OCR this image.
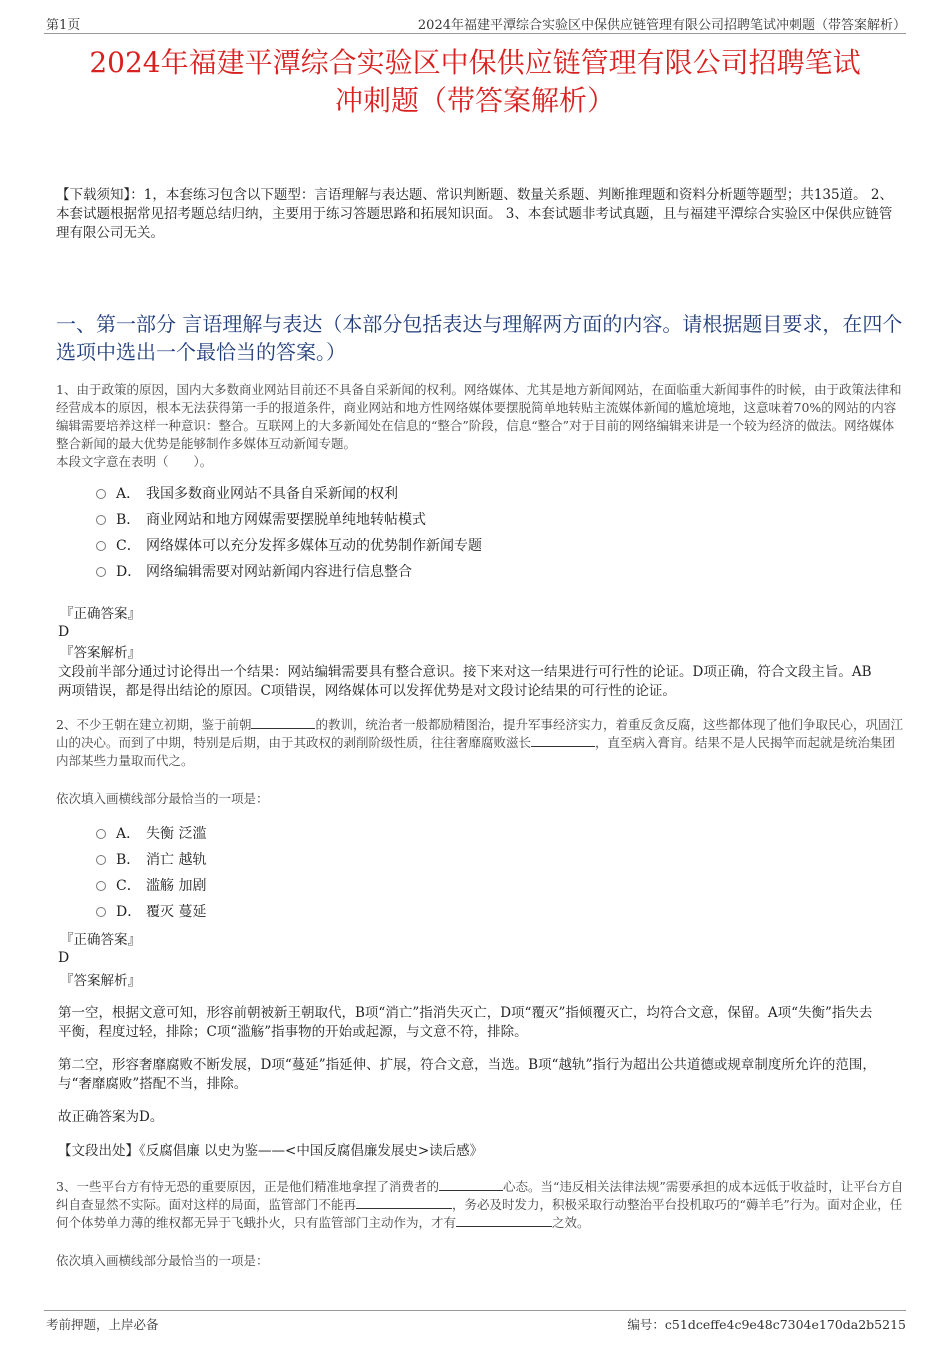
第1页	2024年福建平潭综合实验区中保供应链管理有限公司招聘笔试冲刺题（带答案解析）
2024年福建平潭综合实验区中保供应链管理有限公司招聘笔试
冲刺题（带答案解析）
【下载须知】：1，本套练习包含以下题型：言语理解与表达题、常识判断题、数量关系题、判断推理题和资料分析题等题型；共135道。 2、本套试题根据常见招考题总结归纳，主要用于练习答题思路和拓展知识面。 3、本套试题非考试真题，且与福建平潭综合实验区中保供应链管理有限公司无关。
一、第一部分 言语理解与表达（本部分包括表达与理解两方面的内容。请根据题目要求，在四个选项中选出一个最恰当的答案。）
1、由于政策的原因，国内大多数商业网站目前还不具备自采新闻的权利。网络媒体、尤其是地方新闻网站，在面临重大新闻事件的时候，由于政策法律和经营成本的原因，根本无法获得第一手的报道条件，商业网站和地方性网络媒体要摆脱简单地转贴主流媒体新闻的尴尬境地，这意味着70%的网站的内容编辑需要培养这样一种意识：整合。互联网上的大多新闻处在信息的“整合”阶段，信息“整合”对于目前的网络编辑来讲是一个较为经济的做法。网络媒体整合新闻的最大优势是能够制作多媒体互动新闻专题。
本段文字意在表明（　　）。
A． 我国多数商业网站不具备自采新闻的权利
B． 商业网站和地方网媒需要摆脱单纯地转帖模式
C． 网络媒体可以充分发挥多媒体互动的优势制作新闻专题
D． 网络编辑需要对网站新闻内容进行信息整合
『正确答案』
D
『答案解析』
文段前半部分通过讨论得出一个结果：网站编辑需要具有整合意识。接下来对这一结果进行可行性的论证。D项正确，符合文段主旨。AB两项错误，都是得出结论的原因。C项错误，网络媒体可以发挥优势是对文段讨论结果的可行性的论证。
2、不少王朝在建立初期，鉴于前朝	的教训，统治者一般都励精图治，提升军事经济实力，着重反贪反腐，这些都体现了他们争取民心，巩固江山的决心。而到了中期，特别是后期，由于其政权的剥削阶级性质，往往奢靡腐败滋长	，直至病入膏肓。结果不是人民揭竿而起就是统治集团内部某些力量取而代之。
依次填入画横线部分最恰当的一项是：
A． 失衡 泛滥
B． 消亡 越轨
C． 滥觞 加剧
D． 覆灭 蔓延
『正确答案』
D
『答案解析』
第一空，根据文意可知，形容前朝被新王朝取代，B项“消亡”指消失灭亡，D项“覆灭”指倾覆灭亡，均符合文意，保留。A项“失衡”指失去平衡，程度过轻，排除；C项“滥觞”指事物的开始或起源，与文意不符，排除。
第二空，形容奢靡腐败不断发展，D项“蔓延”指延伸、扩展，符合文意，当选。B项“越轨”指行为超出公共道德或规章制度所允许的范围，与“奢靡腐败”搭配不当，排除。
故正确答案为D。
【文段出处】《反腐倡廉 以史为鉴——<中国反腐倡廉发展史>读后感》
3、一些平台方有恃无恐的重要原因，正是他们精准地拿捏了消费者的	心态。当“违反相关法律法规”需要承担的成本远低于收益时，让平台方自纠自查显然不实际。面对这样的局面，监管部门不能再	，务必及时发力，积极采取行动整治平台投机取巧的“薅羊毛”行为。面对企业，任何个体势单力薄的维权都无异于飞蛾扑火，只有监管部门主动作为，才有	之效。
依次填入画横线部分最恰当的一项是：
考前押题，上岸必备	编号：c51dceffe4c9e48c7304e170da2b5215
